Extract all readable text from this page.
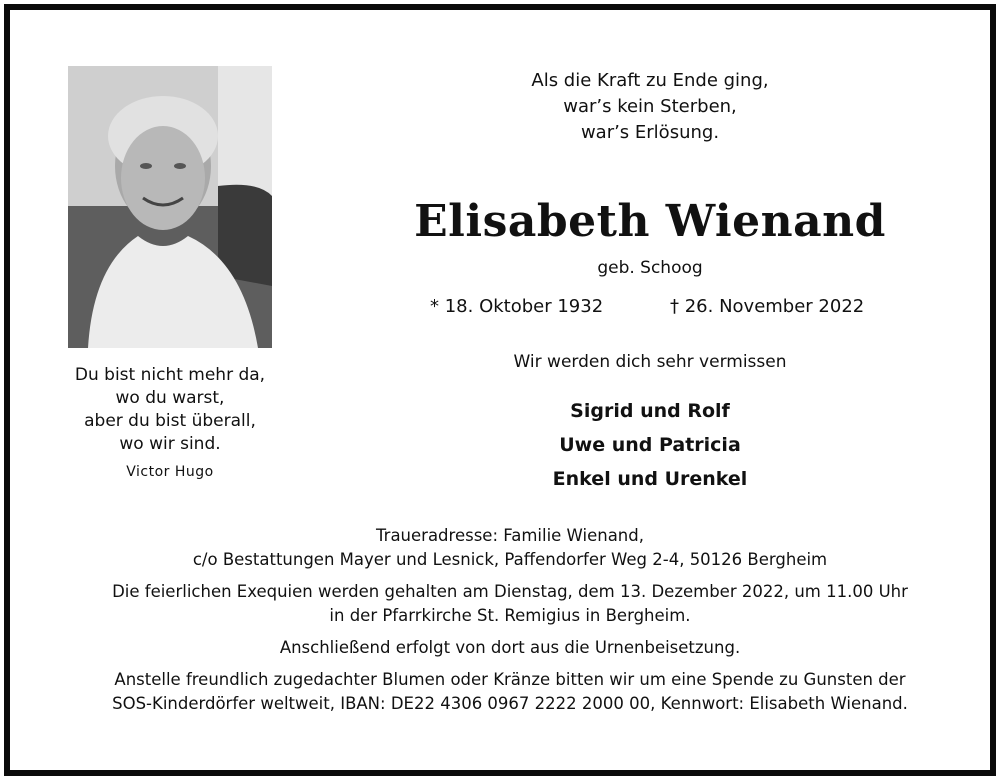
Du bist nicht mehr da,
wo du warst,
aber du bist überall,
wo wir sind.
Victor Hugo
Als die Kraft zu Ende ging,
war’s kein Sterben,
war’s Erlösung.
Elisabeth Wienand
geb. Schoog
* 18. Oktober 1932	† 26. November 2022
Wir werden dich sehr vermissen
Sigrid und Rolf
Uwe und Patricia
Enkel und Urenkel

Traueradresse: Familie Wienand,
c/o Bestattungen Mayer und Lesnick, Paffendorfer Weg 2-4, 50126 Bergheim

Die feierlichen Exequien werden gehalten am Dienstag, dem 13. Dezember 2022, um 11.00 Uhr
in der Pfarrkirche St. Remigius in Bergheim.

Anschließend erfolgt von dort aus die Urnenbeisetzung.

Anstelle freundlich zugedachter Blumen oder Kränze bitten wir um eine Spende zu Gunsten der
SOS-Kinderdörfer weltweit, IBAN: DE22 4306 0967 2222 2000 00, Kennwort: Elisabeth Wienand.
